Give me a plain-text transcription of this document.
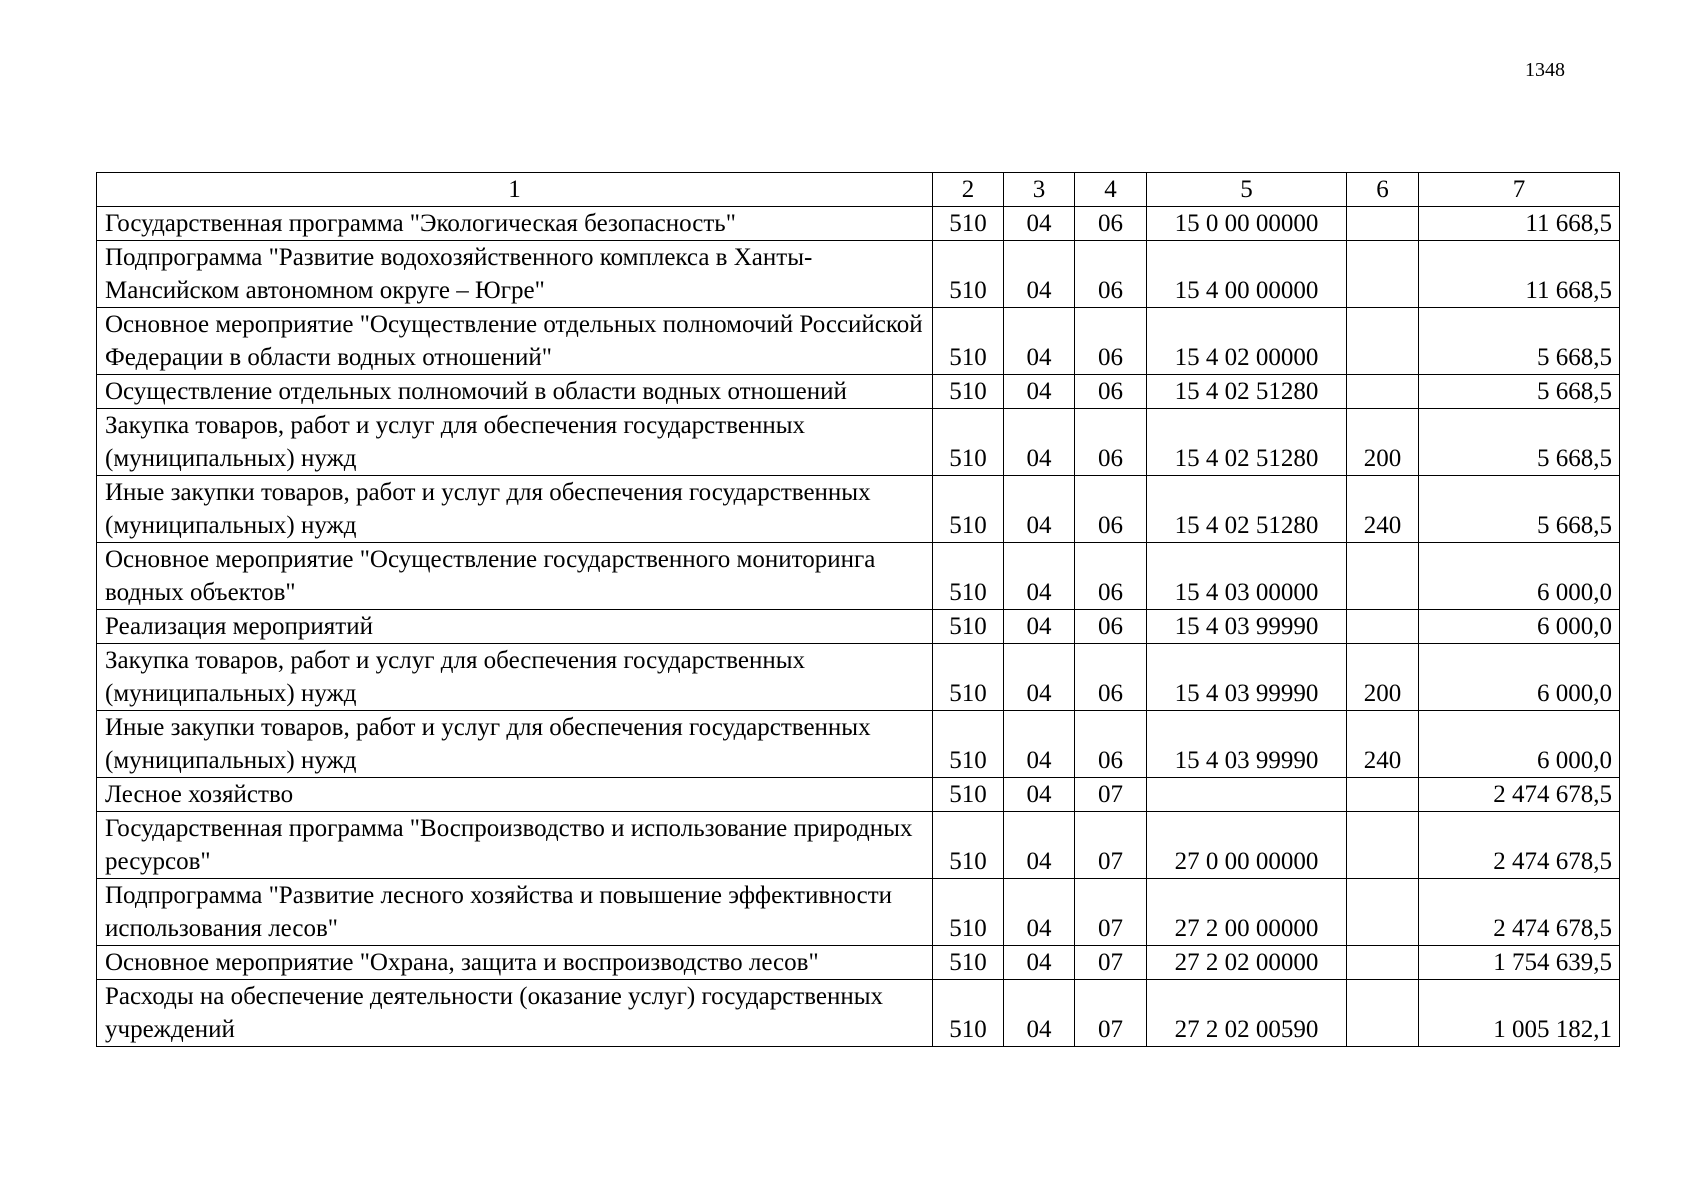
1348
1	2	3	4	5	6	7
Государственная программа "Экологическая безопасность"	510	04	06	15 0 00 00000		11 668,5
Подпрограмма "Развитие водохозяйственного комплекса в Ханты-Мансийском автономном округе – Югре"	510	04	06	15 4 00 00000		11 668,5
Основное мероприятие "Осуществление отдельных полномочий Российской Федерации в области водных отношений"	510	04	06	15 4 02 00000		5 668,5
Осуществление отдельных полномочий в области водных отношений	510	04	06	15 4 02 51280		5 668,5
Закупка товаров, работ и услуг для обеспечения государственных (муниципальных) нужд	510	04	06	15 4 02 51280	200	5 668,5
Иные закупки товаров, работ и услуг для обеспечения государственных (муниципальных) нужд	510	04	06	15 4 02 51280	240	5 668,5
Основное мероприятие "Осуществление государственного мониторинга водных объектов"	510	04	06	15 4 03 00000		6 000,0
Реализация мероприятий	510	04	06	15 4 03 99990		6 000,0
Закупка товаров, работ и услуг для обеспечения государственных (муниципальных) нужд	510	04	06	15 4 03 99990	200	6 000,0
Иные закупки товаров, работ и услуг для обеспечения государственных (муниципальных) нужд	510	04	06	15 4 03 99990	240	6 000,0
Лесное хозяйство	510	04	07			2 474 678,5
Государственная программа "Воспроизводство и использование природных ресурсов"	510	04	07	27 0 00 00000		2 474 678,5
Подпрограмма "Развитие лесного хозяйства и повышение эффективности использования лесов"	510	04	07	27 2 00 00000		2 474 678,5
Основное мероприятие "Охрана, защита и воспроизводство лесов"	510	04	07	27 2 02 00000		1 754 639,5
Расходы на обеспечение деятельности (оказание услуг) государственных учреждений	510	04	07	27 2 02 00590		1 005 182,1
